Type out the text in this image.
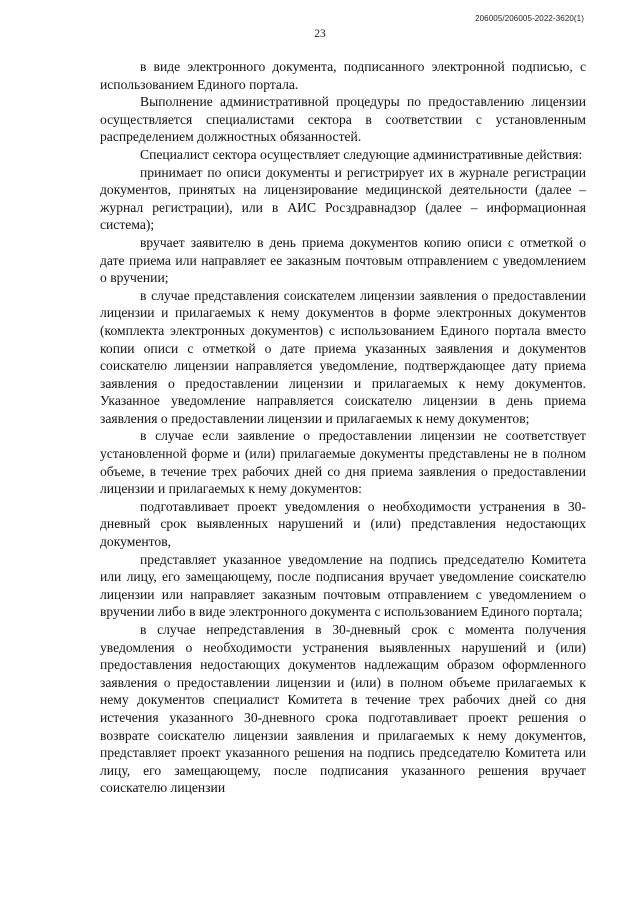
206005/206005-2022-3620(1)
23

в виде электронного документа, подписанного электронной подписью, с использованием Единого портала.

Выполнение административной процедуры по предоставлению лицензии осуществляется специалистами сектора в соответствии с установленным распределением должностных обязанностей.

Специалист сектора осуществляет следующие административные действия:

принимает по описи документы и регистрирует их в журнале регистрации документов, принятых на лицензирование медицинской деятельности (далее – журнал регистрации), или в АИС Росздравнадзор (далее – информационная система);

вручает заявителю в день приема документов копию описи с отметкой о дате приема или направляет ее заказным почтовым отправлением с уведомлением о вручении;

в случае представления соискателем лицензии заявления о предоставлении лицензии и прилагаемых к нему документов в форме электронных документов (комплекта электронных документов) с использованием Единого портала вместо копии описи с отметкой о дате приема указанных заявления и документов соискателю лицензии направляется уведомление, подтверждающее дату приема заявления о предоставлении лицензии и прилагаемых к нему документов. Указанное уведомление направляется соискателю лицензии в день приема заявления о предоставлении лицензии и прилагаемых к нему документов;

в случае если заявление о предоставлении лицензии не соответствует установленной форме и (или) прилагаемые документы представлены не в полном объеме, в течение трех рабочих дней со дня приема заявления о предоставлении лицензии и прилагаемых к нему документов:

подготавливает проект уведомления о необходимости устранения в 30-дневный срок выявленных нарушений и (или) представления недостающих документов,

представляет указанное уведомление на подпись председателю Комитета или лицу, его замещающему, после подписания вручает уведомление соискателю лицензии или направляет заказным почтовым отправлением с уведомлением о вручении либо в виде электронного документа с использованием Единого портала;

в случае непредставления в 30-дневный срок с момента получения уведомления о необходимости устранения выявленных нарушений и (или) предоставления недостающих документов надлежащим образом оформленного заявления о предоставлении лицензии и (или) в полном объеме прилагаемых к нему документов специалист Комитета в течение трех рабочих дней со дня истечения указанного 30-дневного срока подготавливает проект решения о возврате соискателю лицензии заявления и прилагаемых к нему документов, представляет проект указанного решения на подпись председателю Комитета или лицу, его замещающему, после подписания указанного решения вручает соискателю лицензии
